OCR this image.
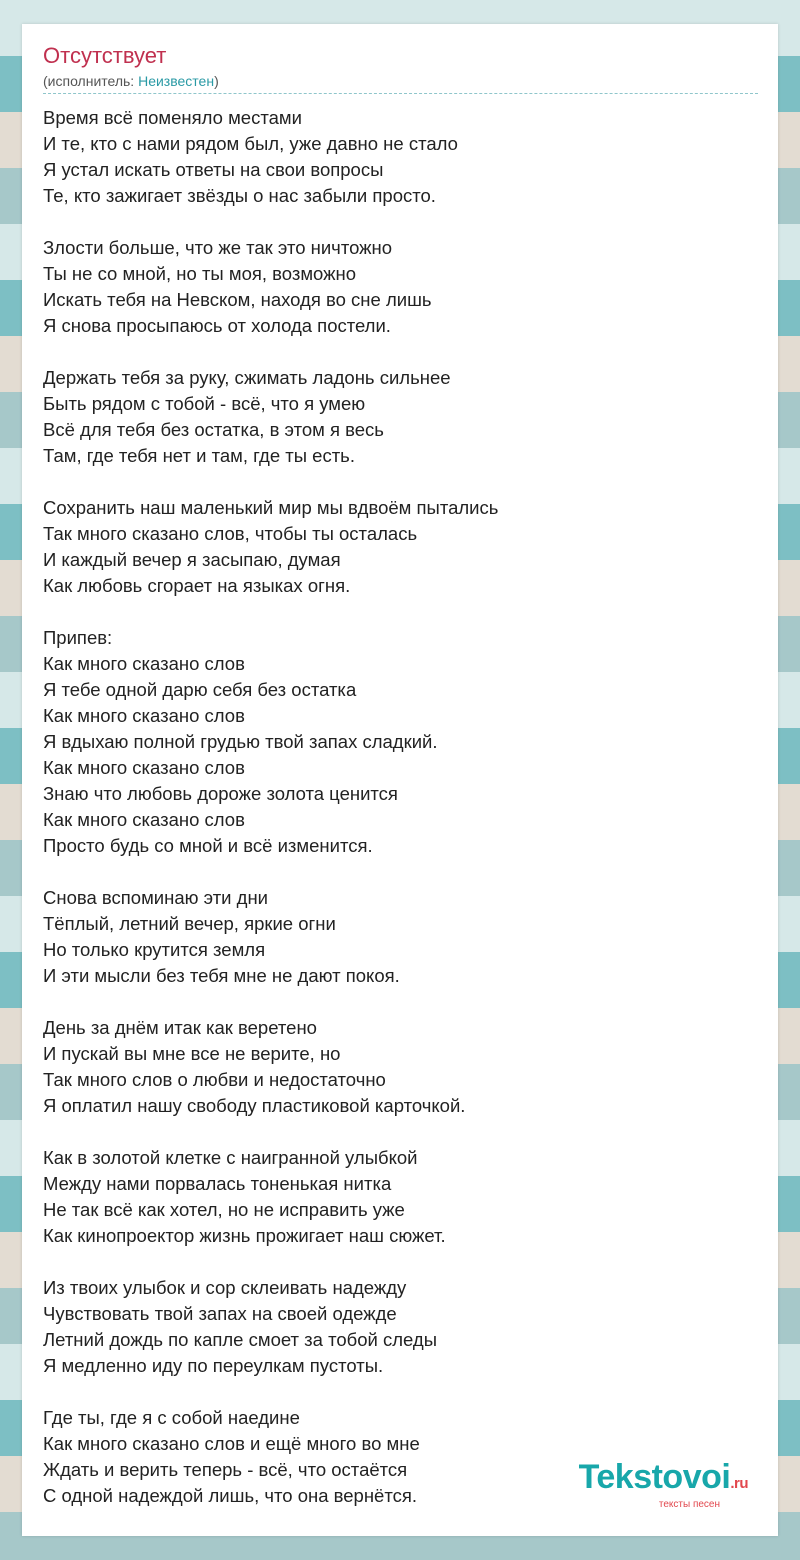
Отсутствует
(исполнитель: Неизвестен)
Время всё поменяло местами
И те, кто с нами рядом был, уже давно не стало
Я устал искать ответы на свои вопросы
Те, кто зажигает звёзды о нас забыли просто.
Злости больше, что же так это ничтожно
Ты не со мной, но ты моя, возможно
Искать тебя на Невском, находя во сне лишь
Я снова просыпаюсь от холода постели.
Держать тебя за руку, сжимать ладонь сильнее
Быть рядом с тобой - всё, что я умею
Всё для тебя без остатка, в этом я весь
Там, где тебя нет и там, где ты есть.
Сохранить наш маленький мир мы вдвоём пытались
Так много сказано слов, чтобы ты осталась
И каждый вечер я засыпаю, думая
Как любовь сгорает на языках огня.
Припев:
Как много сказано слов
Я тебе одной дарю себя без остатка
Как много сказано слов
Я вдыхаю полной грудью твой запах сладкий.
Как много сказано слов
Знаю что любовь дороже золота ценится
Как много сказано слов
Просто будь со мной и всё изменится.
Снова вспоминаю эти дни
Тёплый, летний вечер, яркие огни
Но только крутится земля
И эти мысли без тебя мне не дают покоя.
День за днём итак как веретено
И пускай вы мне все не верите, но
Так много слов о любви и недостаточно
Я оплатил нашу свободу пластиковой карточкой.
Как в золотой клетке с наигранной улыбкой
Между нами порвалась тоненькая нитка
Не так всё как хотел, но не исправить уже
Как кинопроектор жизнь прожигает наш сюжет.
Из твоих улыбок и сор склеивать надежду
Чувствовать твой запах на своей одежде
Летний дождь по капле смоет за тобой следы
Я медленно иду по переулкам пустоты.
Где ты, где я с собой наедине
Как много сказано слов и ещё много во мне
Ждать и верить теперь - всё, что остаётся
С одной надеждой лишь, что она вернётся.	Tekstovoi.ru
тексты песен
